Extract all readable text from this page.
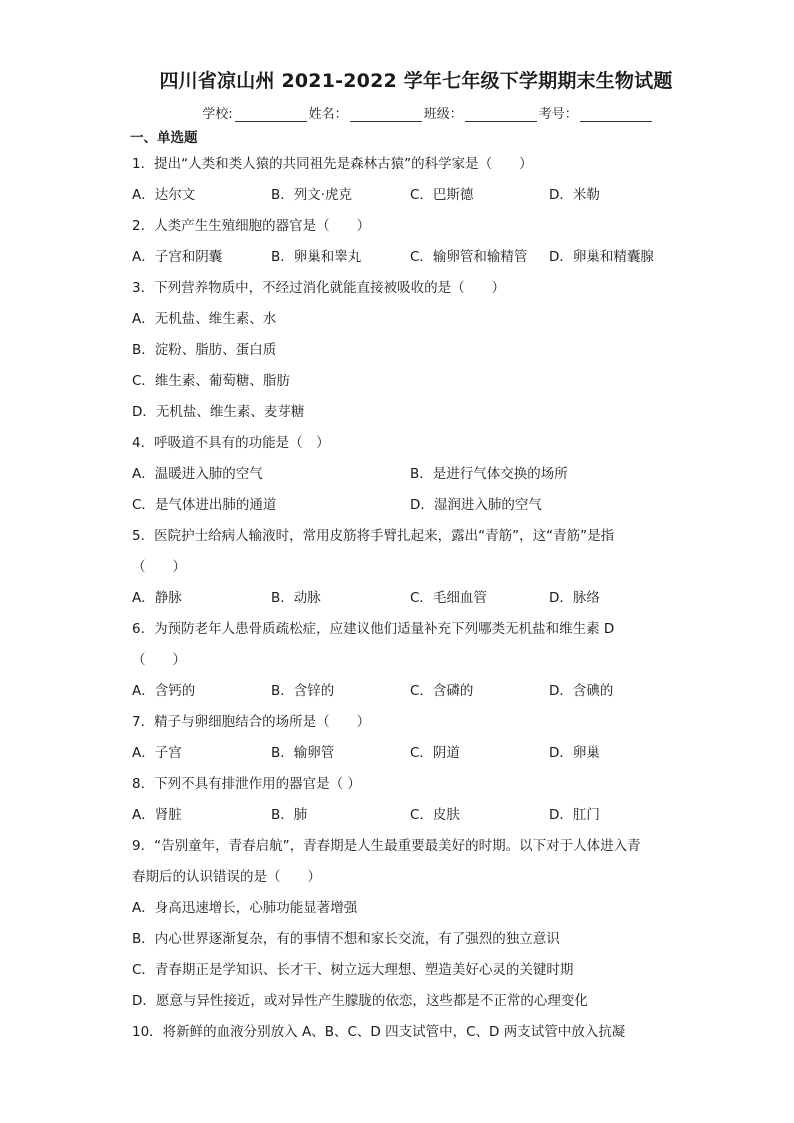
四川省凉山州 2021-2022 学年七年级下学期期末生物试题
学校:	姓名：	班级：	考号：
一、单选题
1．提出“人类和类人猿的共同祖先是森林古猿”的科学家是（　　）
A．达尔文	B．列文·虎克	C．巴斯德	D．米勒
2．人类产生生殖细胞的器官是（　　）
A．子宫和阴囊	B．卵巢和睾丸	C．输卵管和输精管	D．卵巢和精囊腺
3．下列营养物质中，不经过消化就能直接被吸收的是（　　）
A．无机盐、维生素、水
B．淀粉、脂肪、蛋白质
C．维生素、葡萄糖、脂肪
D．无机盐、维生素、麦芽糖
4．呼吸道不具有的功能是（　）
A．温暖进入肺的空气	B．是进行气体交换的场所
C．是气体进出肺的通道	D．湿润进入肺的空气
5．医院护士给病人输液时，常用皮筋将手臂扎起来，露出“青筋”，这“青筋”是指
（　　）
A．静脉	B．动脉	C．毛细血管	D．脉络
6．为预防老年人患骨质疏松症，应建议他们适量补充下列哪类无机盐和维生素 D
（　　）
A．含钙的	B．含锌的	C．含磷的	D．含碘的
7．精子与卵细胞结合的场所是（　　）
A．子宫	B．输卵管	C．阴道	D．卵巢
8．下列不具有排泄作用的器官是（ ）
A．肾脏	B．肺	C．皮肤	D．肛门
9．“告别童年，青春启航”，青春期是人生最重要最美好的时期。以下对于人体进入青
春期后的认识错误的是（　　）
A．身高迅速增长，心肺功能显著增强
B．内心世界逐渐复杂，有的事情不想和家长交流，有了强烈的独立意识
C．青春期正是学知识、长才干、树立远大理想、塑造美好心灵的关键时期
D．愿意与异性接近，或对异性产生朦胧的依恋，这些都是不正常的心理变化
10．将新鲜的血液分别放入 A、B、C、D 四支试管中，C、D 两支试管中放入抗凝
